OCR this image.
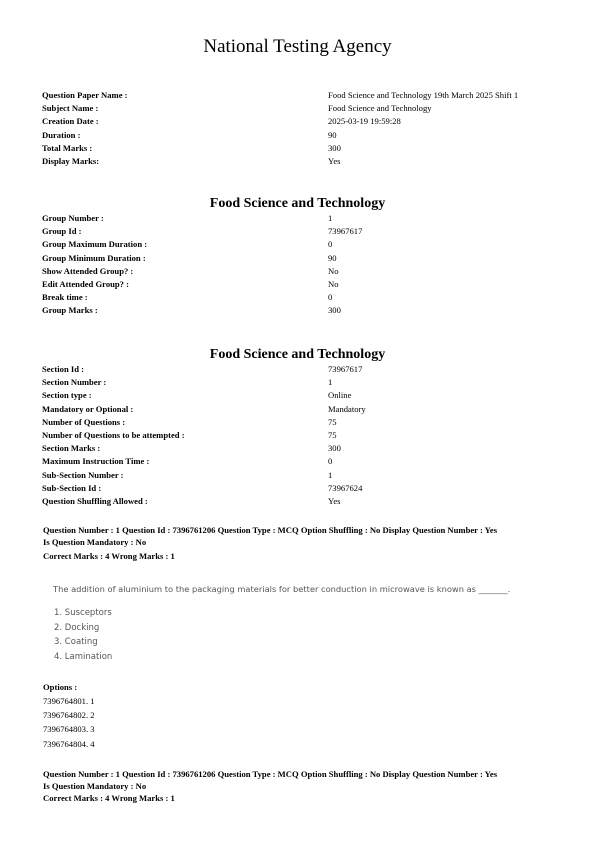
National Testing Agency
Question Paper Name :	Food Science and Technology 19th March 2025 Shift 1
Subject Name :	Food Science and Technology
Creation Date :	2025-03-19 19:59:28
Duration :	90
Total Marks :	300
Display Marks:	Yes
Food Science and Technology
Group Number :	1
Group Id :	73967617
Group Maximum Duration :	0
Group Minimum Duration :	90
Show Attended Group? :	No
Edit Attended Group? :	No
Break time :	0
Group Marks :	300
Food Science and Technology
Section Id :	73967617
Section Number :	1
Section type :	Online
Mandatory or Optional :	Mandatory
Number of Questions :	75
Number of Questions to be attempted :	75
Section Marks :	300
Maximum Instruction Time :	0
Sub-Section Number :	1
Sub-Section Id :	73967624
Question Shuffling Allowed :	Yes
Question Number : 1 Question Id : 7396761206 Question Type : MCQ Option Shuffling : No Display Question Number : Yes
Is Question Mandatory : No
Correct Marks : 4 Wrong Marks : 1
The addition of aluminium to the packaging materials for better conduction in microwave is known as _______.
1. Susceptors
2. Docking
3. Coating
4. Lamination
Options :
7396764801. 1
7396764802. 2
7396764803. 3
7396764804. 4
Question Number : 1 Question Id : 7396761206 Question Type : MCQ Option Shuffling : No Display Question Number : Yes
Is Question Mandatory : No
Correct Marks : 4 Wrong Marks : 1
